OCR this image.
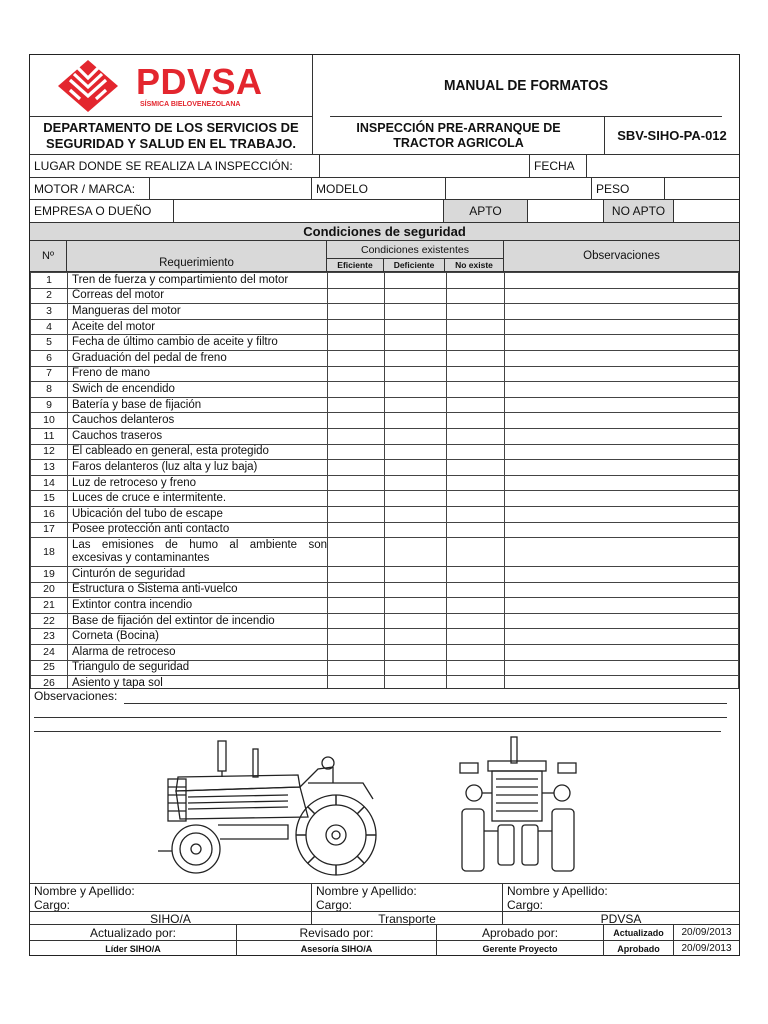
PDVSA
SÍSMICA BIELOVENEZOLANA
MANUAL DE FORMATOS
DEPARTAMENTO DE LOS SERVICIOS DE SEGURIDAD Y SALUD EN EL TRABAJO.
INSPECCIÓN PRE-ARRANQUE DE TRACTOR AGRICOLA	SBV-SIHO-PA-012
LUGAR DONDE SE REALIZA LA INSPECCIÓN:	FECHA
MOTOR / MARCA:	MODELO	PESO
EMPRESA O DUEÑO	APTO	NO APTO
Condiciones de seguridad
Nº
Requerimiento
Condiciones existentes
Eficiente	Deficiente	No existe
Observaciones
1	Tren de fuerza y compartimiento del motor				
2	Correas del motor				
3	Mangueras del motor				
4	Aceite del motor				
5	Fecha de último cambio de aceite y filtro				
6	Graduación del pedal de freno				
7	Freno de mano				
8	Swich de encendido				
9	Batería y base de fijación				
10	Cauchos delanteros				
11	Cauchos traseros				
12	El cableado en general, esta protegido				
13	Faros delanteros (luz alta y luz baja)				
14	Luz de retroceso y freno				
15	Luces de cruce e intermitente.				
16	Ubicación del tubo de escape				
17	Posee protección anti contacto				
18	Las emisiones de humo al ambiente son excesivas y contaminantes				
19	Cinturón de seguridad				
20	Estructura o Sistema anti-vuelco				
21	Extintor contra incendio				
22	Base de fijación del extintor de incendio				
23	Corneta (Bocina)				
24	Alarma de retroceso				
25	Triangulo de seguridad				
26	Asiento y tapa sol				

Observaciones:
Nombre y Apellido:
Cargo:
Nombre y Apellido:
Cargo:
Nombre y Apellido:
Cargo:
SIHO/A	Transporte	PDVSA
Actualizado por:	Revisado por:	Aprobado por:	Actualizado	20/09/2013
Líder SIHO/A	Asesoría SIHO/A	Gerente Proyecto	Aprobado	20/09/2013
